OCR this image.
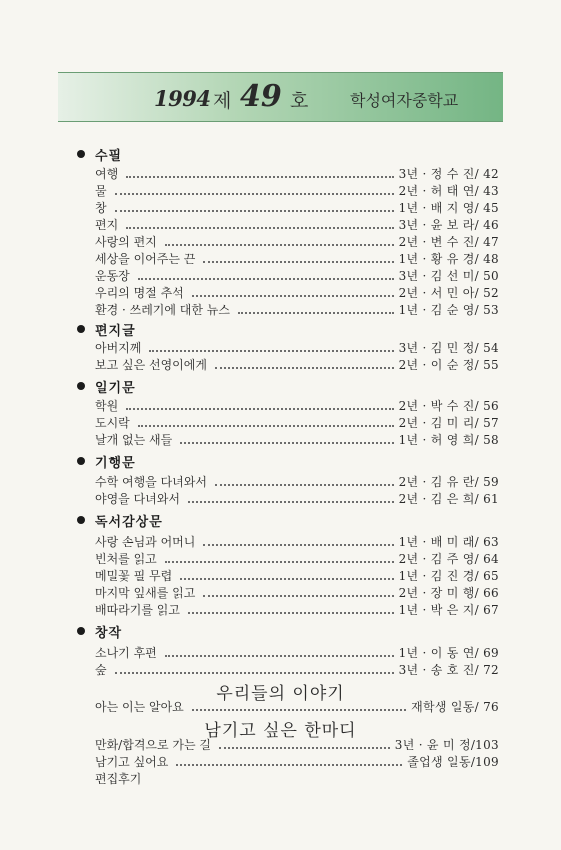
1994 제 49 호	학성여자중학교
수필
여행	3년 · 정 수 진/ 42
물	2년 · 허 태 연/ 43
창	1년 · 배 지 영/ 45
편지	3년 · 윤 보 라/ 46
사랑의 편지	2년 · 변 수 진/ 47
세상을 이어주는 끈	1년 · 황 유 경/ 48
운동장	3년 · 김 선 미/ 50
우리의 명절 추석	2년 · 서 민 아/ 52
환경 · 쓰레기에 대한 뉴스	1년 · 김 순 영/ 53
편지글
아버지께	3년 · 김 민 정/ 54
보고 싶은 선영이에게	2년 · 이 순 정/ 55
일기문
학원	2년 · 박 수 진/ 56
도시락	2년 · 김 미 리/ 57
날개 없는 새들	1년 · 허 영 희/ 58
기행문
수학 여행을 다녀와서	2년 · 김 유 란/ 59
야영을 다녀와서	2년 · 김 은 희/ 61
독서감상문
사랑 손님과 어머니	1년 · 배 미 래/ 63
빈처를 읽고	2년 · 김 주 영/ 64
메밀꽃 필 무렵	1년 · 김 진 경/ 65
마지막 잎새를 읽고	2년 · 장 미 행/ 66
배따라기를 읽고	1년 · 박 은 지/ 67
창작
소나기 후편	1년 · 이 동 연/ 69
숲	3년 · 송 호 진/ 72
우리들의 이야기
아는 이는 알아요	재학생 일동/ 76
남기고 싶은 한마디
만화/합격으로 가는 길	3년 · 윤 미 정/103
남기고 싶어요	졸업생 일동/109
편집후기
